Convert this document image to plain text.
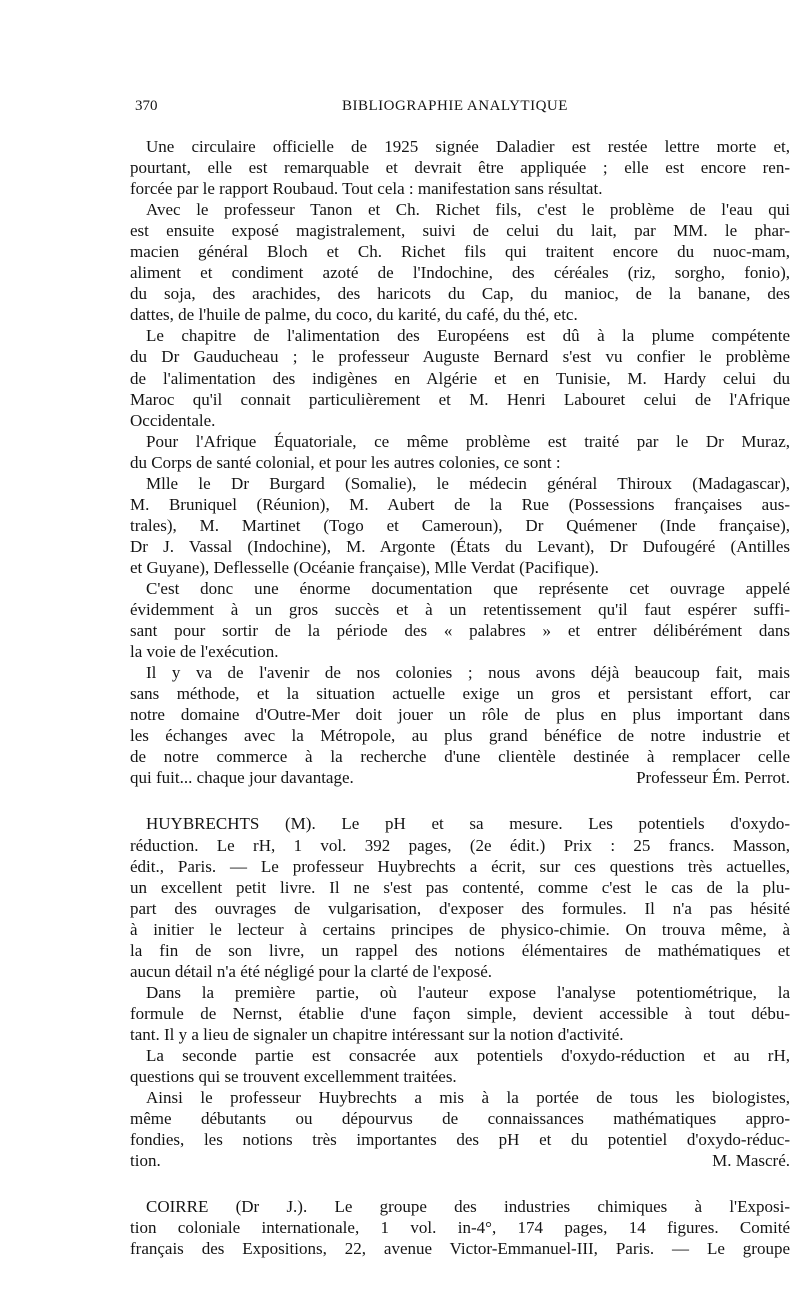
370	BIBLIOGRAPHIE ANALYTIQUE
Une circulaire officielle de 1925 signée Daladier est restée lettre morte et,
pourtant, elle est remarquable et devrait être appliquée ; elle est encore ren-
forcée par le rapport Roubaud. Tout cela : manifestation sans résultat.
Avec le professeur Tanon et Ch. Richet fils, c'est le problème de l'eau qui
est ensuite exposé magistralement, suivi de celui du lait, par MM. le phar-
macien général Bloch et Ch. Richet fils qui traitent encore du nuoc-mam,
aliment et condiment azoté de l'Indochine, des céréales (riz, sorgho, fonio),
du soja, des arachides, des haricots du Cap, du manioc, de la banane, des
dattes, de l'huile de palme, du coco, du karité, du café, du thé, etc.
Le chapitre de l'alimentation des Européens est dû à la plume compétente
du Dr Gauducheau ; le professeur Auguste Bernard s'est vu confier le problème
de l'alimentation des indigènes en Algérie et en Tunisie, M. Hardy celui du
Maroc qu'il connait particulièrement et M. Henri Labouret celui de l'Afrique
Occidentale.
Pour l'Afrique Équatoriale, ce même problème est traité par le Dr Muraz,
du Corps de santé colonial, et pour les autres colonies, ce sont :
Mlle le Dr Burgard (Somalie), le médecin général Thiroux (Madagascar),
M. Bruniquel (Réunion), M. Aubert de la Rue (Possessions françaises aus-
trales), M. Martinet (Togo et Cameroun), Dr Quémener (Inde française),
Dr J. Vassal (Indochine), M. Argonte (États du Levant), Dr Dufougéré (Antilles
et Guyane), Deflesselle (Océanie française), Mlle Verdat (Pacifique).
C'est donc une énorme documentation que représente cet ouvrage appelé
évidemment à un gros succès et à un retentissement qu'il faut espérer suffi-
sant pour sortir de la période des « palabres » et entrer délibérément dans
la voie de l'exécution.
Il y va de l'avenir de nos colonies ; nous avons déjà beaucoup fait, mais
sans méthode, et la situation actuelle exige un gros et persistant effort, car
notre domaine d'Outre-Mer doit jouer un rôle de plus en plus important dans
les échanges avec la Métropole, au plus grand bénéfice de notre industrie et
de notre commerce à la recherche d'une clientèle destinée à remplacer celle
qui fuit... chaque jour davantage.	Professeur Ém. Perrot.
HUYBRECHTS (M). Le pH et sa mesure. Les potentiels d'oxydo-
réduction. Le rH, 1 vol. 392 pages, (2e édit.) Prix : 25 francs. Masson,
édit., Paris. — Le professeur Huybrechts a écrit, sur ces questions très actuelles,
un excellent petit livre. Il ne s'est pas contenté, comme c'est le cas de la plu-
part des ouvrages de vulgarisation, d'exposer des formules. Il n'a pas hésité
à initier le lecteur à certains principes de physico-chimie. On trouva même, à
la fin de son livre, un rappel des notions élémentaires de mathématiques et
aucun détail n'a été négligé pour la clarté de l'exposé.
Dans la première partie, où l'auteur expose l'analyse potentiométrique, la
formule de Nernst, établie d'une façon simple, devient accessible à tout débu-
tant. Il y a lieu de signaler un chapitre intéressant sur la notion d'activité.
La seconde partie est consacrée aux potentiels d'oxydo-réduction et au rH,
questions qui se trouvent excellemment traitées.
Ainsi le professeur Huybrechts a mis à la portée de tous les biologistes,
même débutants ou dépourvus de connaissances mathématiques appro-
fondies, les notions très importantes des pH et du potentiel d'oxydo-réduc-
tion.	M. Mascré.
COIRRE (Dr J.). Le groupe des industries chimiques à l'Exposi-
tion coloniale internationale, 1 vol. in-4°, 174 pages, 14 figures. Comité
français des Expositions, 22, avenue Victor-Emmanuel-III, Paris. — Le groupe
